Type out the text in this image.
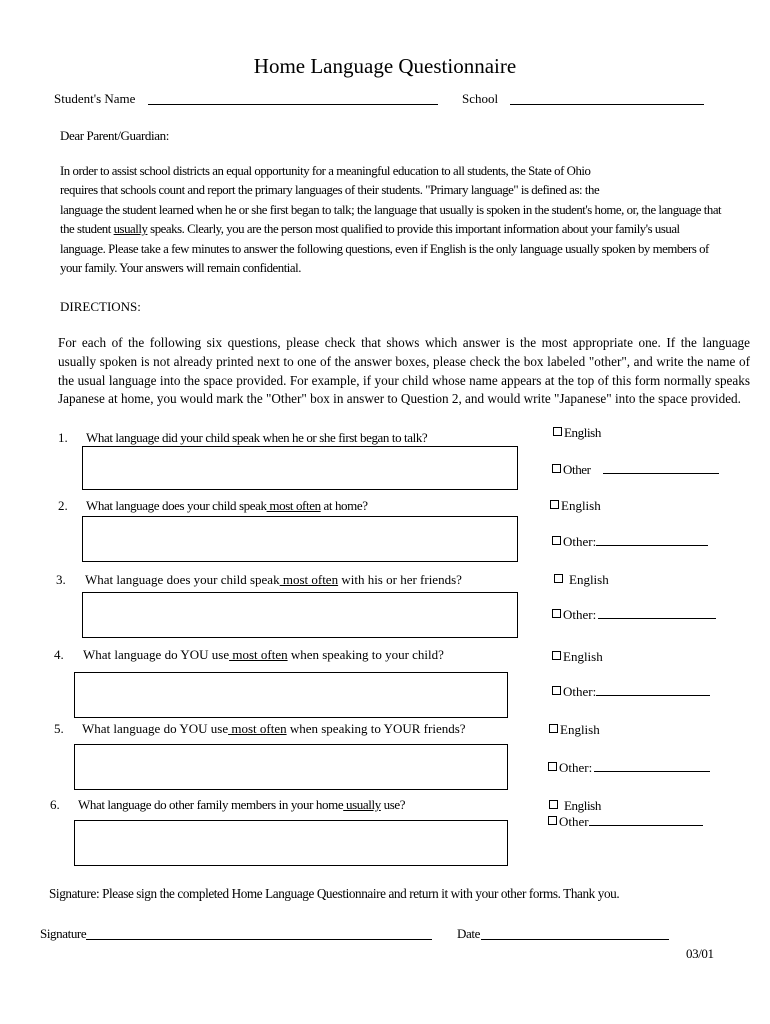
Home Language Questionnaire
Student's Name	School
Dear Parent/Guardian:
In order to assist school districts an equal opportunity for a meaningful education to all students, the State of Ohio
requires that schools count and report the primary languages of their students. "Primary language" is defined as: the
language the student learned when he or she first began to talk; the language that usually is spoken in the student's home, or, the language that
the student usually speaks. Clearly, you are the person most qualified to provide this important information about your family's usual
language. Please take a few minutes to answer the following questions, even if English is the only language usually spoken by members of
your family. Your answers will remain confidential.
DIRECTIONS:
For each of the following six questions, please check that shows which answer is the most appropriate one. If the language
usually spoken is not already printed next to one of the answer boxes, please check the box labeled "other", and write the name of
the usual language into the space provided. For example, if your child whose name appears at the top of this form normally speaks
Japanese at home, you would mark the "Other" box in answer to Question 2, and would write "Japanese" into the space provided.
1. What language did your child speak when he or she first began to talk?	English
Other
2. What language does your child speak most often at home?	English
Other:
3. What language does your child speak most often with his or her friends?	English
Other:
4. What language do YOU use most often when speaking to your child?	English
Other:
5. What language do YOU use most often when speaking to YOUR friends?	English
Other:
6. What language do other family members in your home usually use?	English
Other
Signature: Please sign the completed Home Language Questionnaire and return it with your other forms. Thank you.
Signature	Date
03/01
